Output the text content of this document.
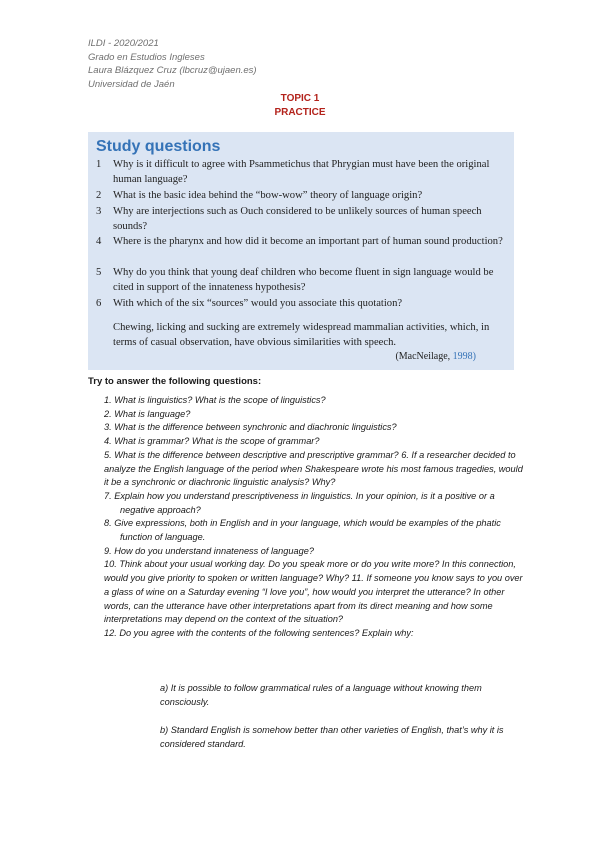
ILDI - 2020/2021
Grado en Estudios Ingleses
Laura Blázquez Cruz (lbcruz@ujaen.es)
Universidad de Jaén
TOPIC 1
PRACTICE
Study questions
1 Why is it difficult to agree with Psammetichus that Phrygian must have been the original human language?
2 What is the basic idea behind the “bow-wow” theory of language origin?
3 Why are interjections such as Ouch considered to be unlikely sources of human speech sounds?
4 Where is the pharynx and how did it become an important part of human sound production?
5 Why do you think that young deaf children who become fluent in sign language would be cited in support of the innateness hypothesis?
6 With which of the six “sources” would you associate this quotation?
Chewing, licking and sucking are extremely widespread mammalian activities, which, in terms of casual observation, have obvious similarities with speech.
(MacNeilage, 1998)
Try to answer the following questions:

1. What is linguistics? What is the scope of linguistics?

2. What is language?

3. What is the difference between synchronic and diachronic linguistics?

4. What is grammar? What is the scope of grammar?

5. What is the difference between descriptive and prescriptive grammar? 6. If a researcher decided to analyze the English language of the period when Shakespeare wrote his most famous tragedies, would it be a synchronic or diachronic linguistic analysis? Why?

7. Explain how you understand prescriptiveness in linguistics. In your opinion, is it a positive or a negative approach?

8. Give expressions, both in English and in your language, which would be examples of the phatic function of language.

9. How do you understand innateness of language?

10. Think about your usual working day. Do you speak more or do you write more? In this connection, would you give priority to spoken or written language? Why? 11. If someone you know says to you over a glass of wine on a Saturday evening “I love you”, how would you interpret the utterance? In other words, can the utterance have other interpretations apart from its direct meaning and how some interpretations may depend on the context of the situation?

12. Do you agree with the contents of the following sentences? Explain why:

a) It is possible to follow grammatical rules of a language without knowing them consciously.

b) Standard English is somehow better than other varieties of English, that’s why it is considered standard.
